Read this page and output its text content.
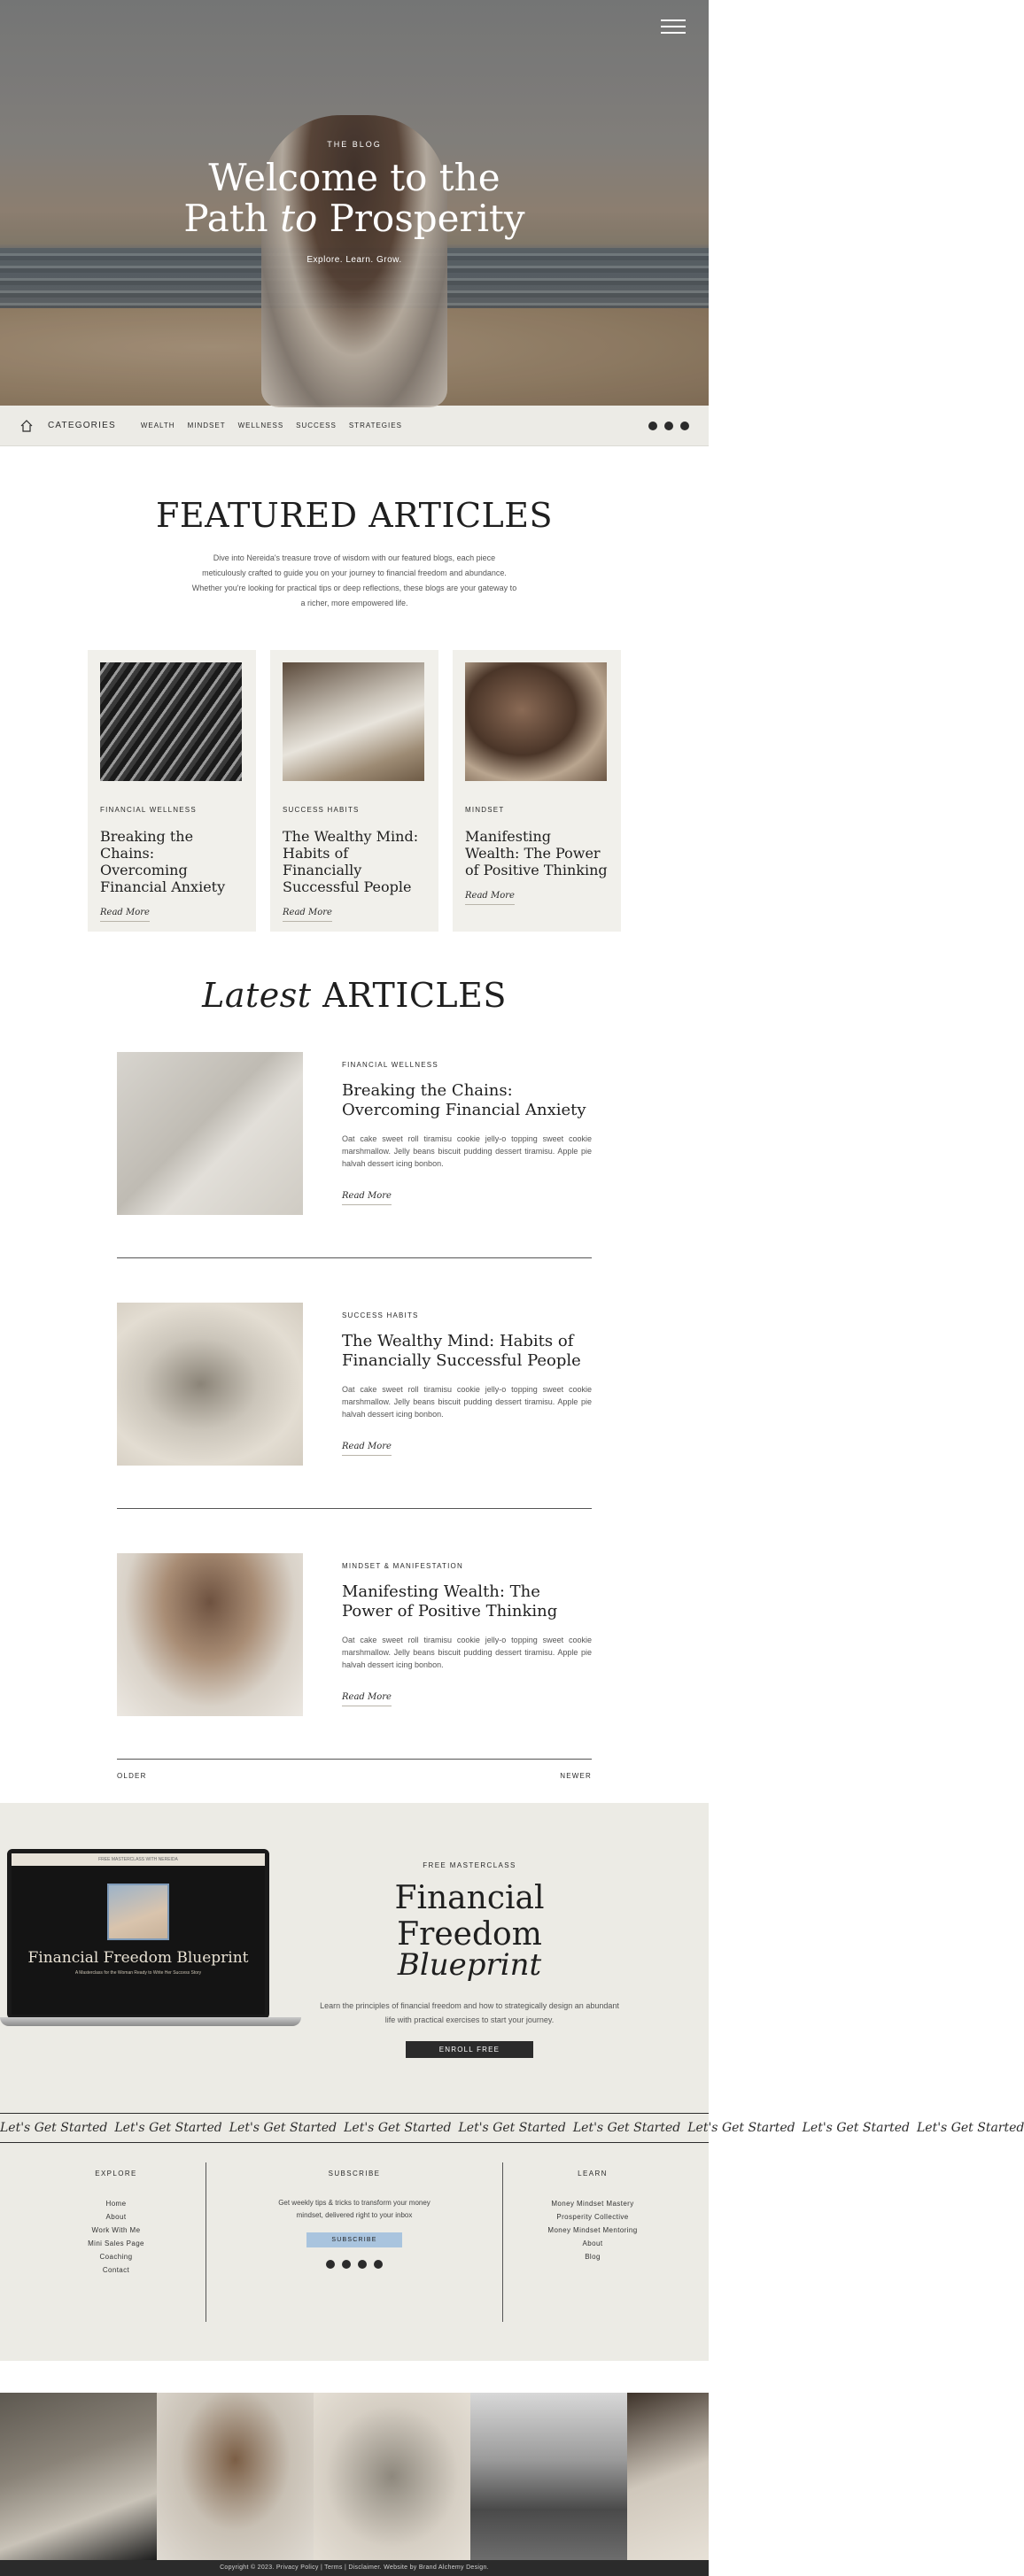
THE BLOG
Welcome to the
Path to Prosperity
Explore. Learn. Grow.
CATEGORIES	WEALTH MINDSET WELLNESS SUCCESS STRATEGIES
FEATURED ARTICLES

Dive into Nereida's treasure trove of wisdom with our featured blogs, each piece meticulously crafted to guide you on your journey to financial freedom and abundance. Whether you're looking for practical tips or deep reflections, these blogs are your gateway to a richer, more empowered life.

FINANCIAL WELLNESS
Breaking the Chains: Overcoming Financial Anxiety
Read More
SUCCESS HABITS
The Wealthy Mind: Habits of Financially Successful People
Read More
MINDSET
Manifesting Wealth: The Power of Positive Thinking
Read More
Latest ARTICLES
FINANCIAL WELLNESS
Breaking the Chains: Overcoming Financial Anxiety

Oat cake sweet roll tiramisu cookie jelly-o topping sweet cookie marshmallow. Jelly beans biscuit pudding dessert tiramisu. Apple pie halvah dessert icing bonbon.

Read More
SUCCESS HABITS
The Wealthy Mind: Habits of Financially Successful People

Oat cake sweet roll tiramisu cookie jelly-o topping sweet cookie marshmallow. Jelly beans biscuit pudding dessert tiramisu. Apple pie halvah dessert icing bonbon.

Read More
MINDSET & MANIFESTATION
Manifesting Wealth: The Power of Positive Thinking

Oat cake sweet roll tiramisu cookie jelly-o topping sweet cookie marshmallow. Jelly beans biscuit pudding dessert tiramisu. Apple pie halvah dessert icing bonbon.

Read More
OLDER	NEWER
FREE MASTERCLASS WITH NEREIDA
Financial Freedom Blueprint
A Masterclass for the Woman Ready to Write Her Success Story
FREE MASTERCLASS
Financial Freedom
Blueprint

Learn the principles of financial freedom and how to strategically design an abundant life with practical exercises to start your journey.

ENROLL FREE
Let's Get Started Let's Get Started Let's Get Started Let's Get Started Let's Get Started Let's Get Started Let's Get Started Let's Get Started Let's Get Started
EXPLORE
Home
About
Work With Me
Mini Sales Page
Coaching
Contact
SUBSCRIBE

Get weekly tips & tricks to transform your money mindset, delivered right to your inbox

SUBSCRIBE
LEARN
Money Mindset Mastery
Prosperity Collective
Money Mindset Mentoring
About
Blog
Copyright © 2023. Privacy Policy | Terms | Disclaimer. Website by Brand Alchemy Design.
